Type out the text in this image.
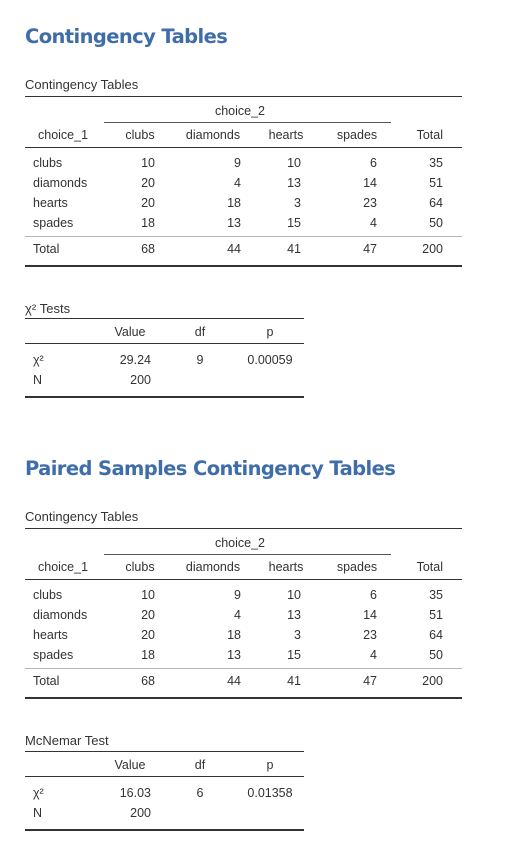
Contingency Tables
Contingency Tables
choice_2
choice_1	clubs	diamonds	hearts	spades	Total
clubs	10	9	10	6	35
diamonds	20	4	13	14	51
hearts	20	18	3	23	64
spades	18	13	15	4	50
Total	68	44	41	47	200
χ² Tests
Value	df	p
χ²	29.24	9	0.00059
N	200
Paired Samples Contingency Tables
Contingency Tables
choice_2
choice_1	clubs	diamonds	hearts	spades	Total
clubs	10	9	10	6	35
diamonds	20	4	13	14	51
hearts	20	18	3	23	64
spades	18	13	15	4	50
Total	68	44	41	47	200
McNemar Test
Value	df	p
χ²	16.03	6	0.01358
N	200
